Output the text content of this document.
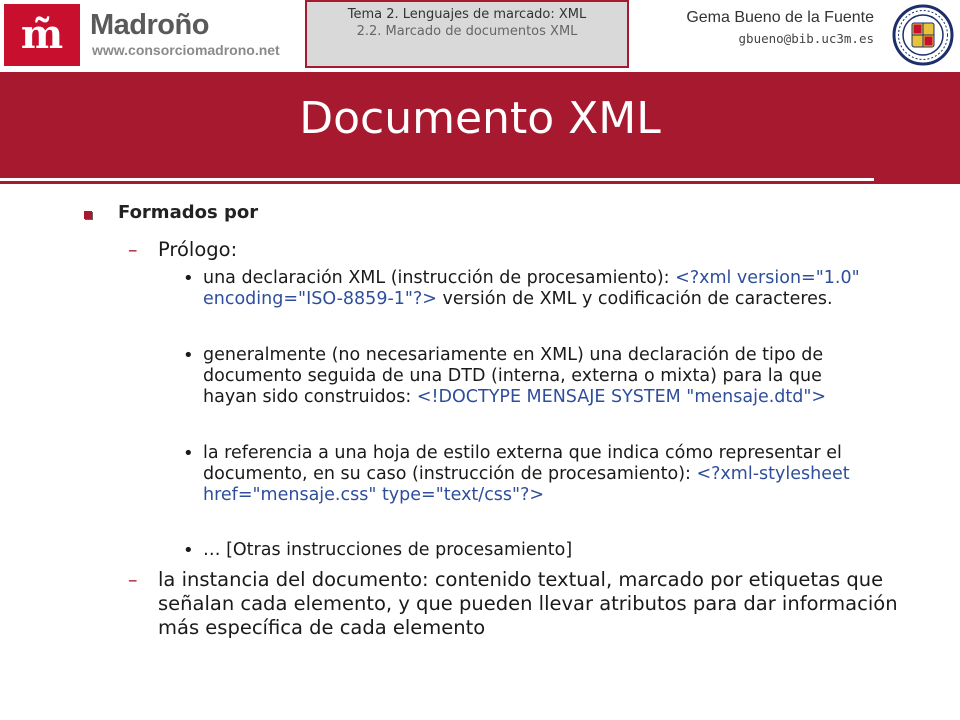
m̃ Madroño
www.consorciomadrono.net
Tema 2. Lenguajes de marcado: XML
2.2. Marcado de documentos XML
Gema Bueno de la Fuente
gbueno@bib.uc3m.es
Documento XML
Formados por
– Prólogo:
• una declaración XML (instrucción de procesamiento): <?xml version="1.0" encoding="ISO-8859-1"?> versión de XML y codificación de caracteres.
• generalmente (no necesariamente en XML) una declaración de tipo de documento seguida de una DTD (interna, externa o mixta) para la que hayan sido construidos: <!DOCTYPE MENSAJE SYSTEM "mensaje.dtd">
• la referencia a una hoja de estilo externa que indica cómo representar el documento, en su caso (instrucción de procesamiento): <?xml-stylesheet href="mensaje.css" type="text/css"?>
• … [Otras instrucciones de procesamiento]
– la instancia del documento: contenido textual, marcado por etiquetas que señalan cada elemento, y que pueden llevar atributos para dar información más específica de cada elemento
